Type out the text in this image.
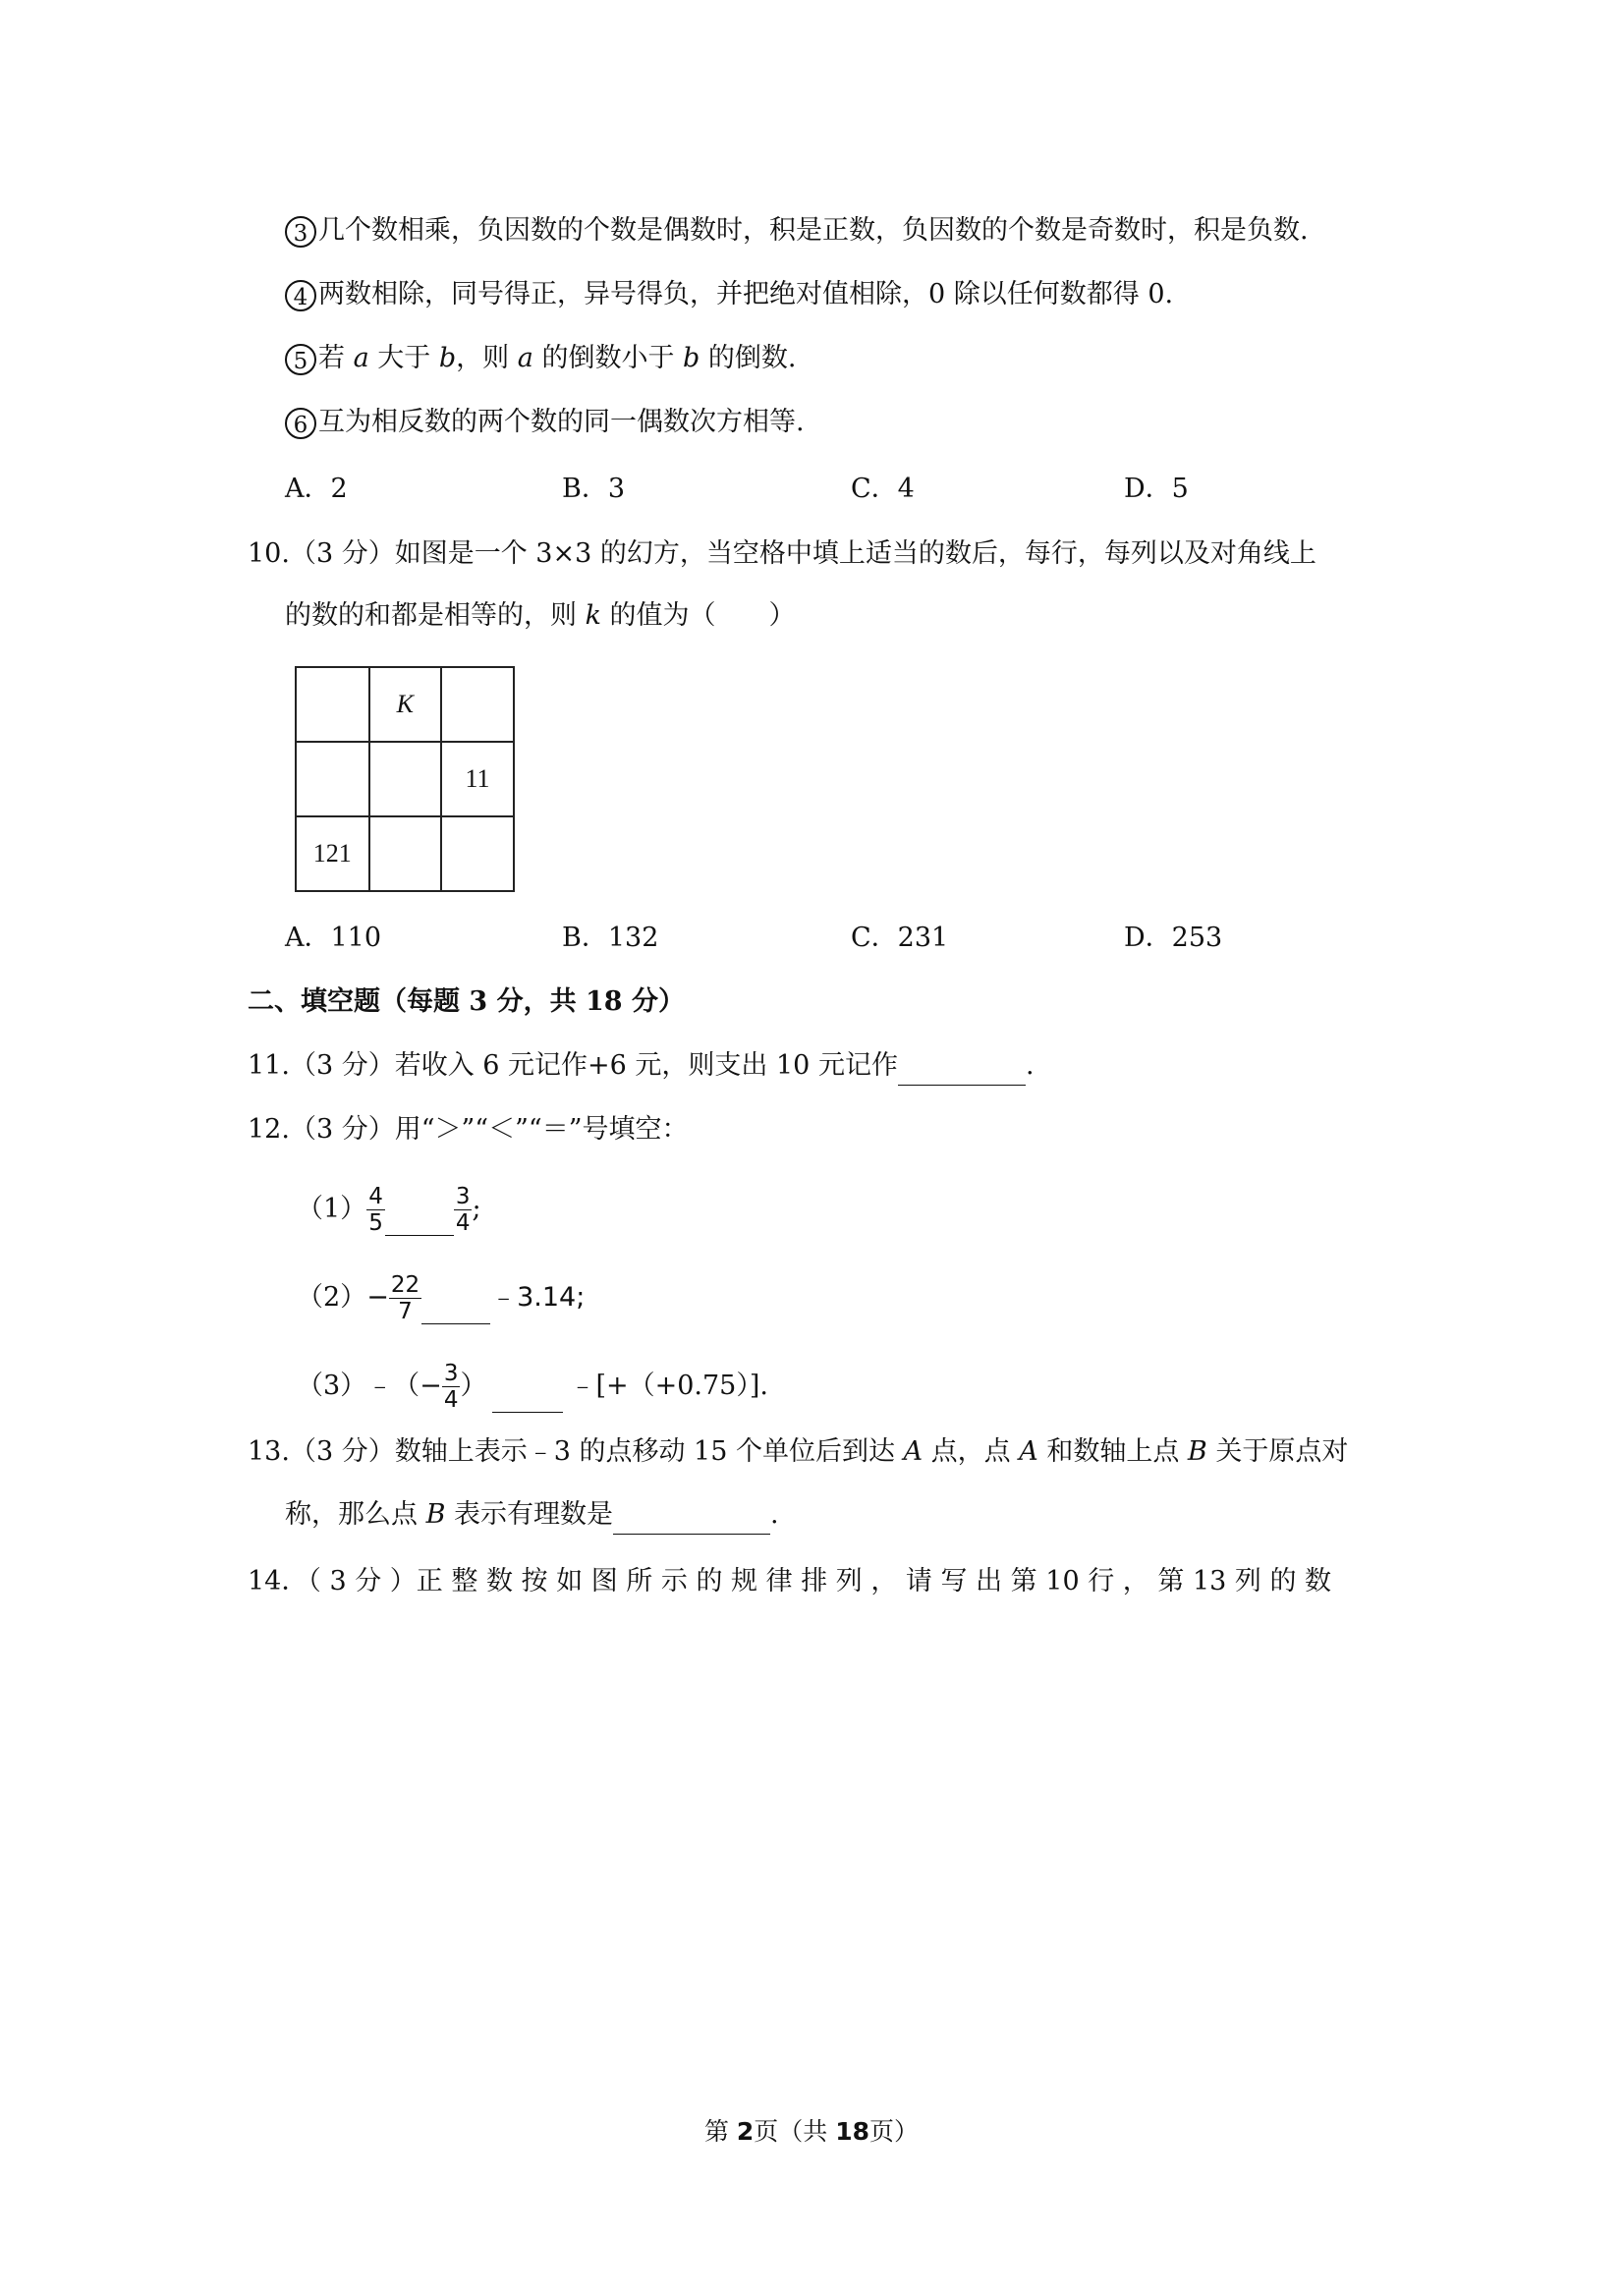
3 几个数相乘，负因数的个数是偶数时，积是正数，负因数的个数是奇数时，积是负数.
4 两数相除，同号得正，异号得负，并把绝对值相除，0 除以任何数都得 0.
5 若 a 大于 b，则 a 的倒数小于 b 的倒数.
6 互为相反数的两个数的同一偶数次方相等.
A．2	B．3	C．4	D．5
10.（3 分）如图是一个 3×3 的幻方，当空格中填上适当的数后，每行，每列以及对角线上
的数的和都是相等的，则 k 的值为（　　）
	K	
		11
121		
A．110	B．132	C．231	D．253
二、填空题（每题 3 分，共 18 分）
11.（3 分）若收入 6 元记作+6 元，则支出 10 元记作	.
12.（3 分）用“＞”“＜”“＝”号填空：
$(1) \frac{4}{5}$	$\frac{3}{4}$ ;
$(2)- \frac{22}{7}$	﹣3.14;
（3）﹣（− $\frac{3}{4}$ ）	﹣[+（+0.75）].
13.（3 分）数轴上表示﹣3 的点移动 15 个单位后到达 A 点，点 A 和数轴上点 B 关于原点对
称，那么点 B 表示有理数是	.
14．（ 3 分 ）正 整 数 按 如 图 所 示 的 规 律 排 列 ， 请 写 出 第 10 行 ， 第 13 列 的 数
第 2页（共 18页）
